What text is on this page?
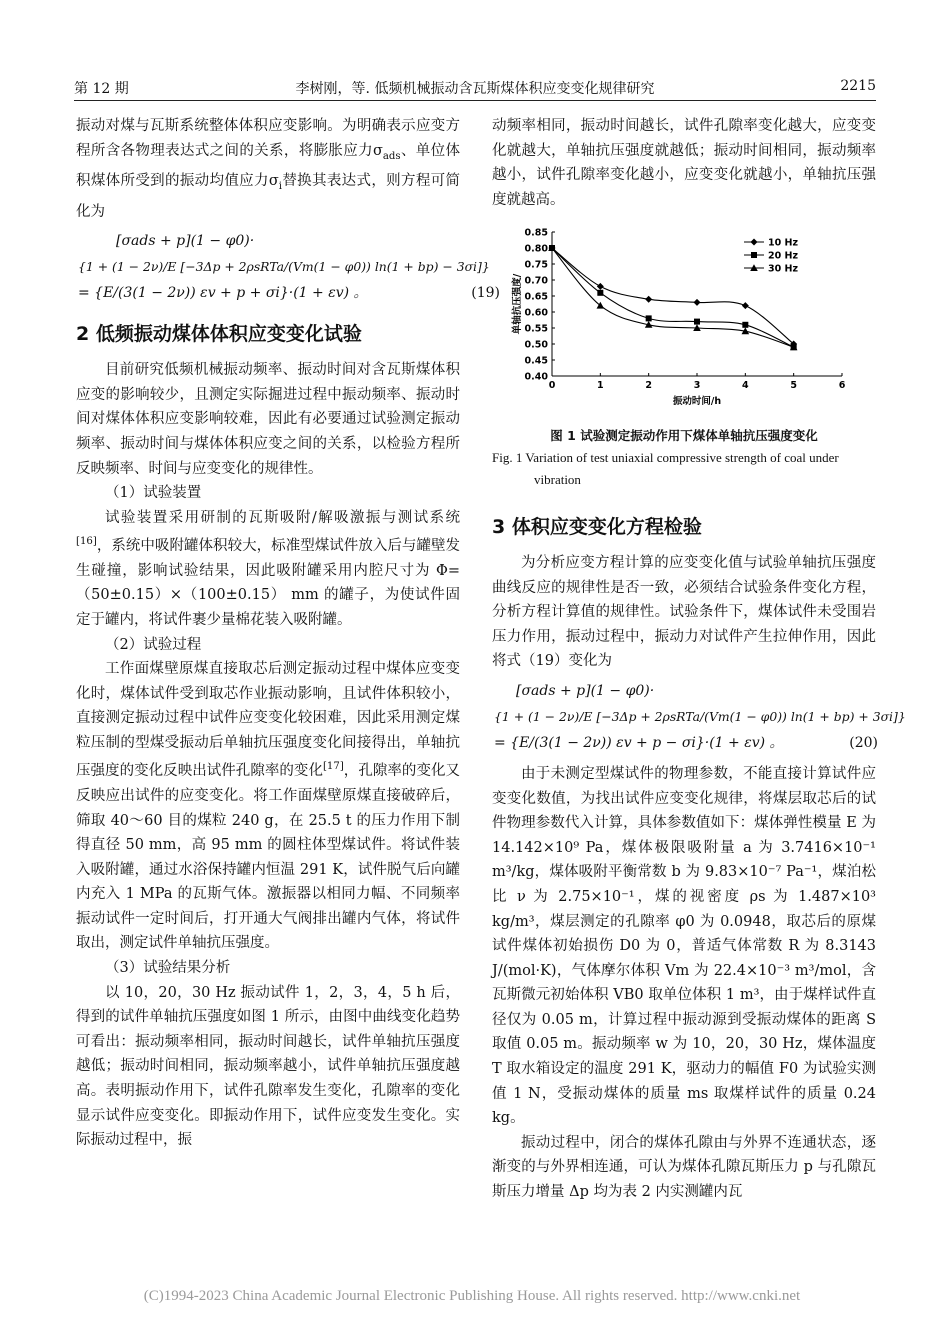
第 12 期	李树刚，等. 低频机械振动含瓦斯煤体积应变变化规律研究	2215

振动对煤与瓦斯系统整体体积应变影响。为明确表示应变方程所含各物理表达式之间的关系，将膨胀应力$\sigma_{ads}$、单位体积煤体所受到的振动均值应力$\sigma_i$替换其表达式，则方程可简化为

[σads + p](1 − φ0)·
{1 + (1 − 2ν)/E [−3Δp + 2ρsRTa/(Vm(1 − φ0)) ln(1 + bp) − 3σi]}
= {E/(3(1 − 2ν)) εv + p + σi}·(1 + εv) 。	(19)
2 低频振动煤体体积应变变化试验

目前研究低频机械振动频率、振动时间对含瓦斯煤体积应变的影响较少，且测定实际掘进过程中振动频率、振动时间对煤体体积应变影响较难，因此有必要通过试验测定振动频率、振动时间与煤体体积应变之间的关系，以检验方程所反映频率、时间与应变变化的规律性。

（1）试验装置

试验装置采用研制的瓦斯吸附/解吸激振与测试系统[16]，系统中吸附罐体积较大，标准型煤试件放入后与罐壁发生碰撞，影响试验结果，因此吸附罐采用内腔尺寸为 Φ=（50±0.15）×（100±0.15） mm 的罐子，为使试件固定于罐内，将试件裹少量棉花装入吸附罐。

（2）试验过程

工作面煤壁原煤直接取芯后测定振动过程中煤体应变变化时，煤体试件受到取芯作业振动影响，且试件体积较小，直接测定振动过程中试件应变变化较困难，因此采用测定煤粒压制的型煤受振动后单轴抗压强度变化间接得出，单轴抗压强度的变化反映出试件孔隙率的变化[17]，孔隙率的变化又反映应出试件的应变变化。将工作面煤壁原煤直接破碎后，筛取 40～60 目的煤粒 240 g，在 25.5 t 的压力作用下制得直径 50 mm，高 95 mm 的圆柱体型煤试件。将试件装入吸附罐，通过水浴保持罐内恒温 291 K，试件脱气后向罐内充入 1 MPa 的瓦斯气体。激振器以相同力幅、不同频率振动试件一定时间后，打开通大气阀排出罐内气体，将试件取出，测定试件单轴抗压强度。

（3）试验结果分析

以 10，20，30 Hz 振动试件 1，2，3，4，5 h 后，得到的试件单轴抗压强度如图 1 所示，由图中曲线变化趋势可看出：振动频率相同，振动时间越长，试件单轴抗压强度越低；振动时间相同，振动频率越小，试件单轴抗压强度越高。表明振动作用下，试件孔隙率发生变化，孔隙率的变化显示试件应变变化。即振动作用下，试件应变发生变化。实际振动过程中，振

动频率相同，振动时间越长，试件孔隙率变化越大，应变变化就越大，单轴抗压强度就越低；振动时间相同，振动频率越小，试件孔隙率变化越小，应变变化就越小，单轴抗压强度就越高。

0.40
0.45
0.50
0.55
0.60
0.65
0.70
0.75
0.80
0.85
0	1	2	3	4	5	6
振动时间/h
单轴抗压强度/
10 Hz
20 Hz
30 Hz
图 1 试验测定振动作用下煤体单轴抗压强度变化
Fig. 1 Variation of test uniaxial compressive strength of coal under
vibration
3 体积应变变化方程检验

为分析应变方程计算的应变变化值与试验单轴抗压强度曲线反应的规律性是否一致，必须结合试验条件变化方程，分析方程计算值的规律性。试验条件下，煤体试件未受围岩压力作用，振动过程中，振动力对试件产生拉伸作用，因此将式（19）变化为

[σads + p](1 − φ0)·
{1 + (1 − 2ν)/E [−3Δp + 2ρsRTa/(Vm(1 − φ0)) ln(1 + bp) + 3σi]}
= {E/(3(1 − 2ν)) εv + p − σi}·(1 + εv) 。	(20)

由于未测定型煤试件的物理参数，不能直接计算试件应变变化数值，为找出试件应变变化规律，将煤层取芯后的试件物理参数代入计算，具体参数值如下：煤体弹性模量 E 为 14.142×10⁹ Pa，煤体极限吸附量 a 为 3.7416×10⁻¹ m³/kg，煤体吸附平衡常数 b 为 9.83×10⁻⁷ Pa⁻¹，煤泊松比 ν 为 2.75×10⁻¹，煤的视密度 ρs 为 1.487×10³ kg/m³，煤层测定的孔隙率 φ0 为 0.0948，取芯后的原煤试件煤体初始损伤 D0 为 0，普适气体常数 R 为 8.3143 J/(mol·K)，气体摩尔体积 Vm 为 22.4×10⁻³ m³/mol，含瓦斯微元初始体积 VB0 取单位体积 1 m³，由于煤样试件直径仅为 0.05 m，计算过程中振动源到受振动煤体的距离 S 取值 0.05 m。振动频率 w 为 10，20，30 Hz，煤体温度 T 取水箱设定的温度 291 K，驱动力的幅值 F0 为试验实测值 1 N，受振动煤体的质量 ms 取煤样试件的质量 0.24 kg。

振动过程中，闭合的煤体孔隙由与外界不连通状态，逐渐变的与外界相连通，可认为煤体孔隙瓦斯压力 p 与孔隙瓦斯压力增量 Δp 均为表 2 内实测罐内瓦

(C)1994-2023 China Academic Journal Electronic Publishing House. All rights reserved. http://www.cnki.net
